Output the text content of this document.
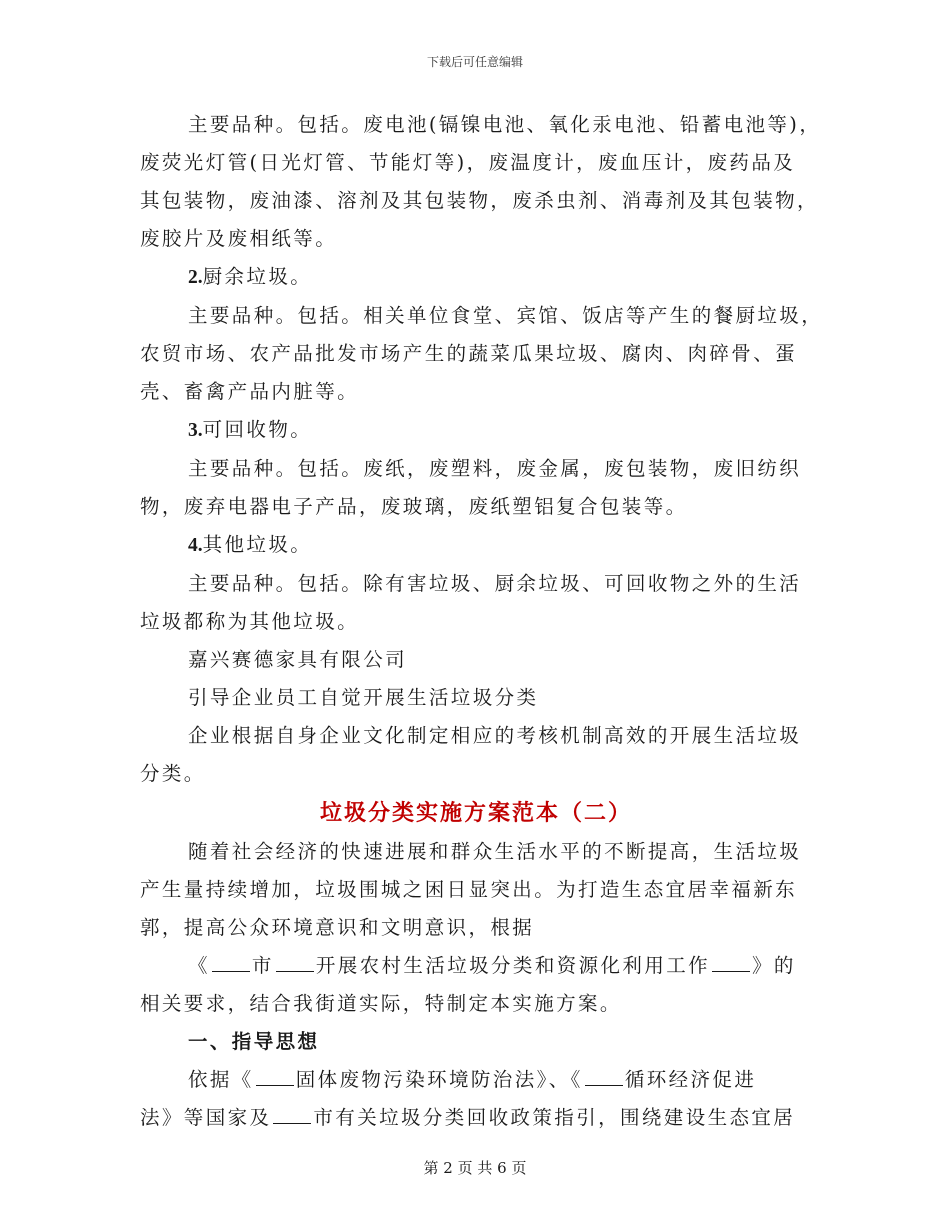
下载后可任意编辑

主要品种。包括。废电池(镉镍电池、氧化汞电池、铅蓄电池等)，

废荧光灯管(日光灯管、节能灯等)，废温度计，废血压计，废药品及

其包装物，废油漆、溶剂及其包装物，废杀虫剂、消毒剂及其包装物，

废胶片及废相纸等。

2.厨余垃圾。

主要品种。包括。相关单位食堂、宾馆、饭店等产生的餐厨垃圾，

农贸市场、农产品批发市场产生的蔬菜瓜果垃圾、腐肉、肉碎骨、蛋

壳、畜禽产品内脏等。

3.可回收物。

主要品种。包括。废纸，废塑料，废金属，废包装物，废旧纺织

物，废弃电器电子产品，废玻璃，废纸塑铝复合包装等。

4.其他垃圾。

主要品种。包括。除有害垃圾、厨余垃圾、可回收物之外的生活

垃圾都称为其他垃圾。

嘉兴赛德家具有限公司

引导企业员工自觉开展生活垃圾分类

企业根据自身企业文化制定相应的考核机制高效的开展生活垃圾

分类。

垃圾分类实施方案范本（二）

随着社会经济的快速进展和群众生活水平的不断提高，生活垃圾

产生量持续增加，垃圾围城之困日显突出。为打造生态宜居幸福新东

郭，提高公众环境意识和文明意识，根据

《 市 开展农村生活垃圾分类和资源化利用工作 》的

相关要求，结合我街道实际，特制定本实施方案。

一、指导思想

依据《 固体废物污染环境防治法》、《 循环经济促进

法》等国家及 市有关垃圾分类回收政策指引，围绕建设生态宜居

第 2 页 共 6 页
